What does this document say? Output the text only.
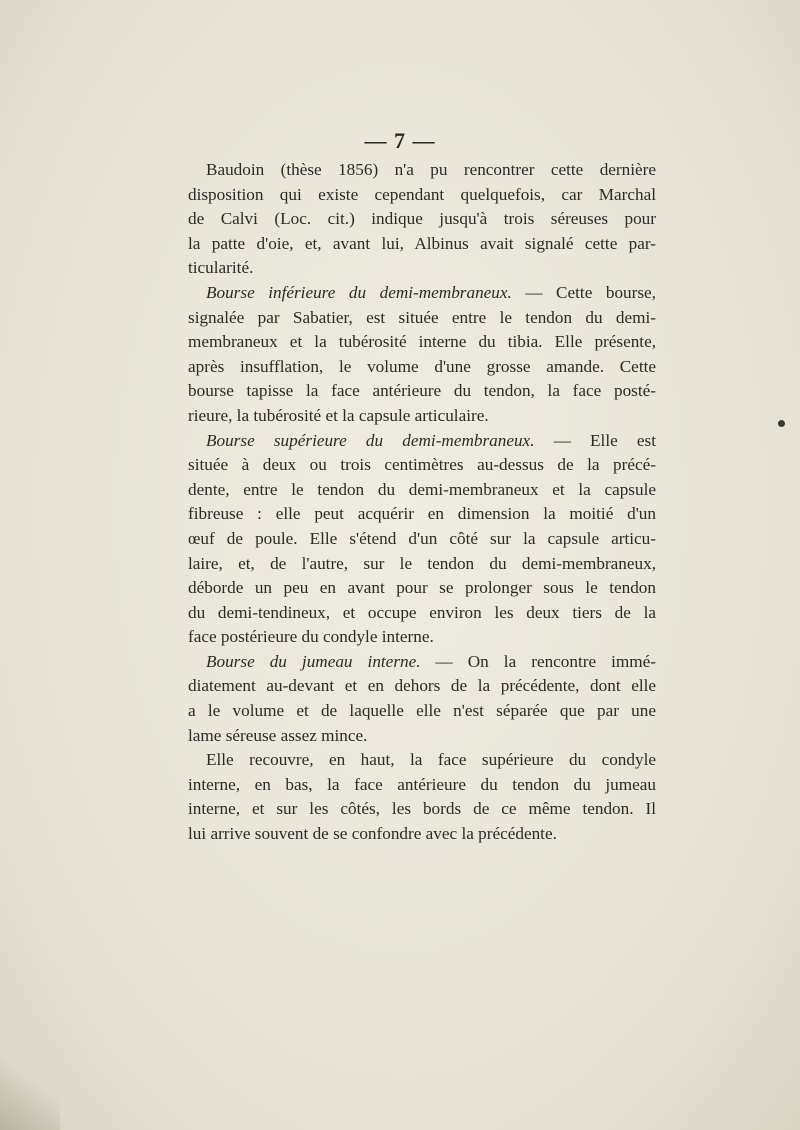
— 7 —
Baudoin (thèse 1856) n'a pu rencontrer cette dernière
disposition qui existe cependant quelquefois, car Marchal
de Calvi (Loc. cit.) indique jusqu'à trois séreuses pour
la patte d'oie, et, avant lui, Albinus avait signalé cette par-
ticularité.
Bourse inférieure du demi-membraneux. — Cette bourse,
signalée par Sabatier, est située entre le tendon du demi-
membraneux et la tubérosité interne du tibia. Elle présente,
après insufflation, le volume d'une grosse amande. Cette
bourse tapisse la face antérieure du tendon, la face posté-
rieure, la tubérosité et la capsule articulaire.
Bourse supérieure du demi-membraneux. — Elle est
située à deux ou trois centimètres au-dessus de la précé-
dente, entre le tendon du demi-membraneux et la capsule
fibreuse : elle peut acquérir en dimension la moitié d'un
œuf de poule. Elle s'étend d'un côté sur la capsule articu-
laire, et, de l'autre, sur le tendon du demi-membraneux,
déborde un peu en avant pour se prolonger sous le tendon
du demi-tendineux, et occupe environ les deux tiers de la
face postérieure du condyle interne.
Bourse du jumeau interne. — On la rencontre immé-
diatement au-devant et en dehors de la précédente, dont elle
a le volume et de laquelle elle n'est séparée que par une
lame séreuse assez mince.
Elle recouvre, en haut, la face supérieure du condyle
interne, en bas, la face antérieure du tendon du jumeau
interne, et sur les côtés, les bords de ce même tendon. Il
lui arrive souvent de se confondre avec la précédente.
